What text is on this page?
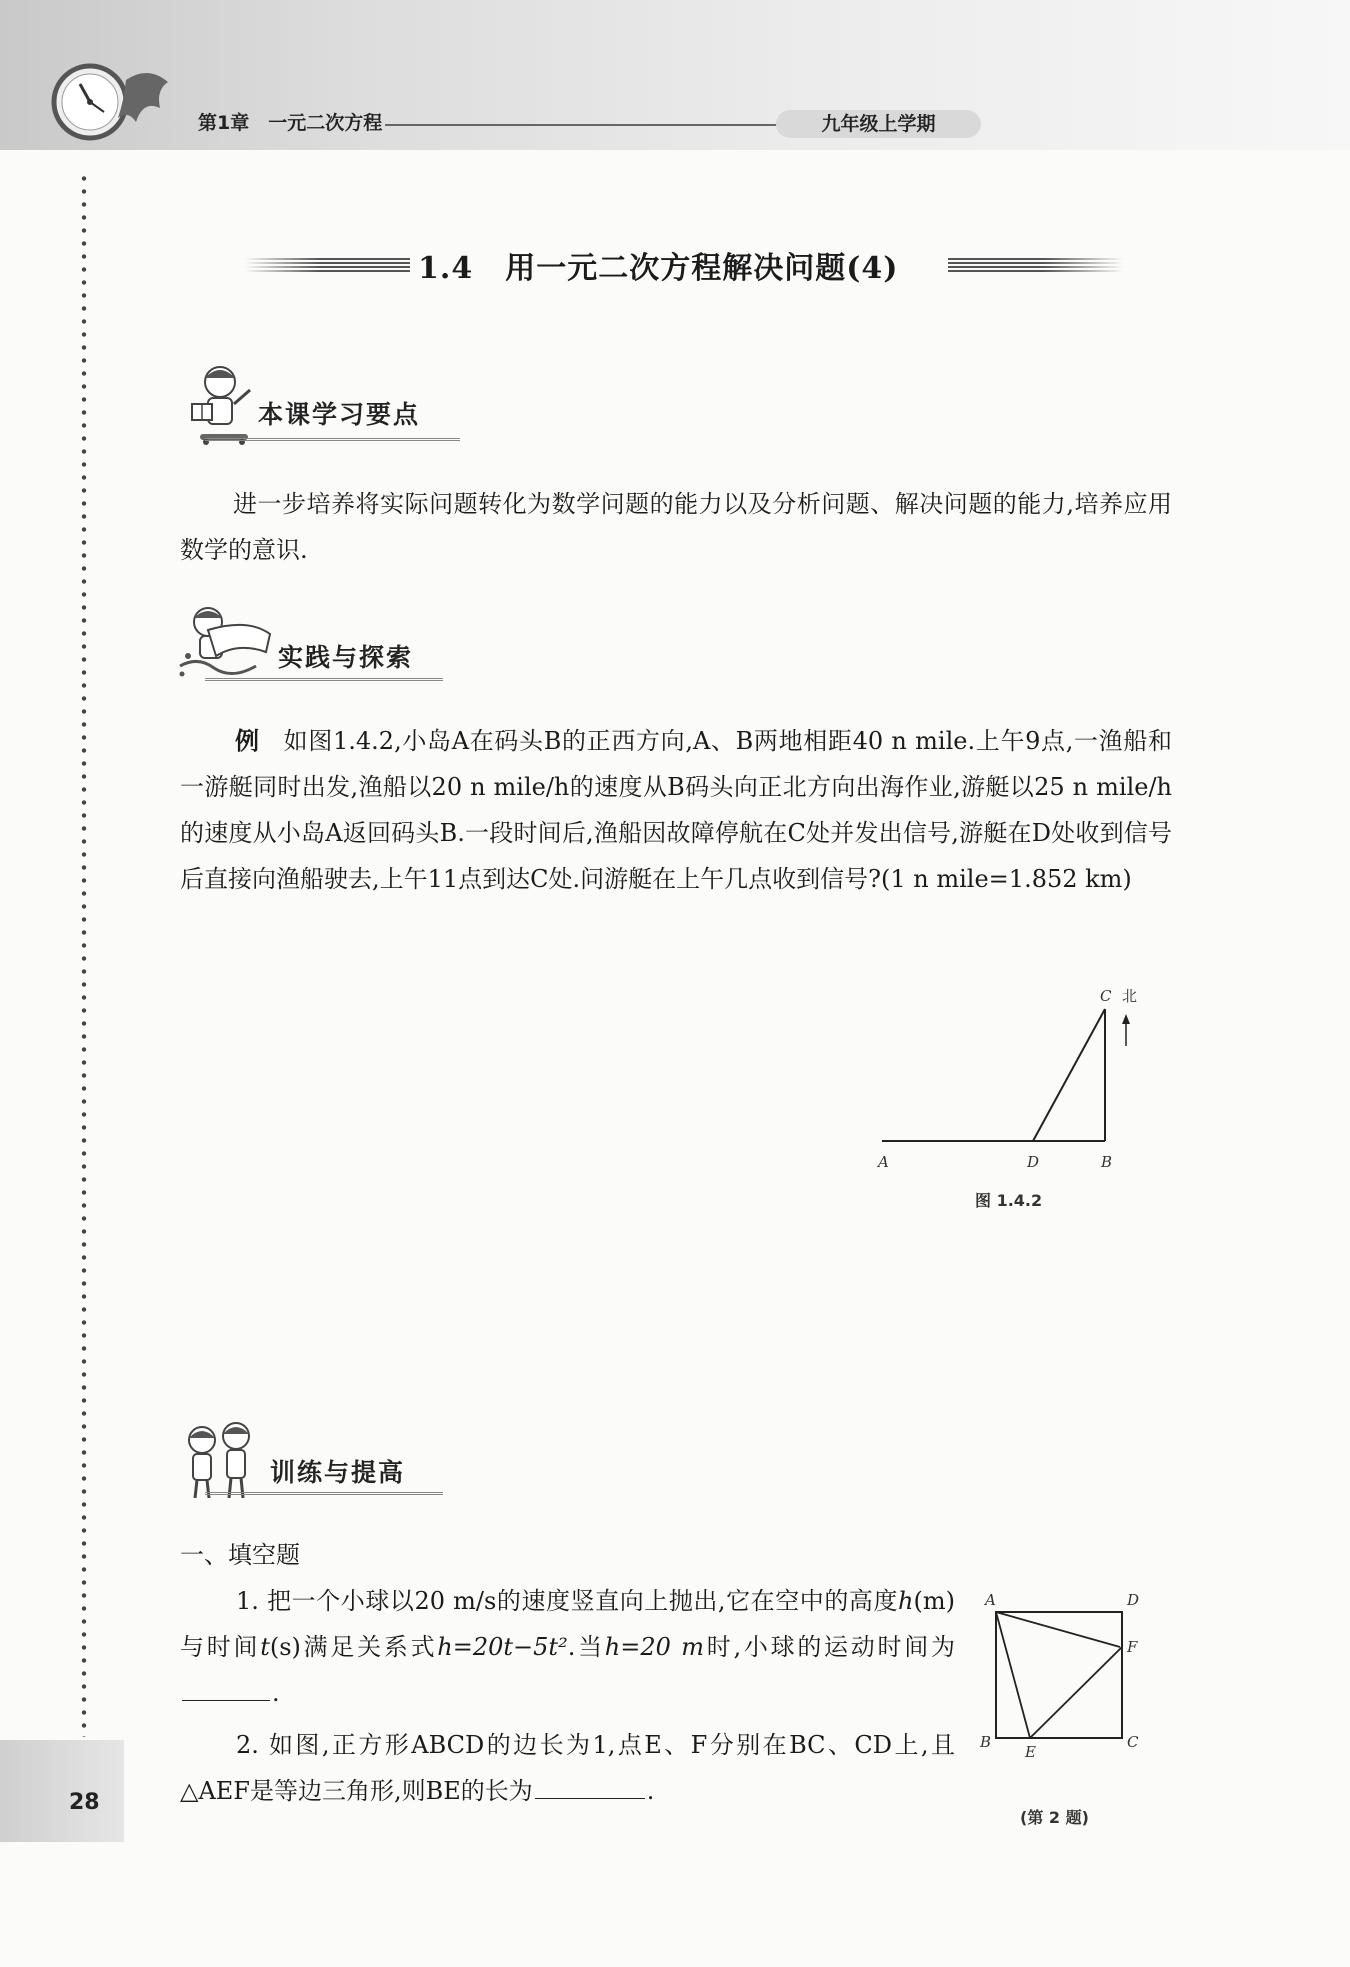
第1章　一元二次方程	九年级上学期
1.4 用一元二次方程解决问题(4)
本课学习要点
进一步培养将实际问题转化为数学问题的能力以及分析问题、解决问题的能力,培养应用数学的意识.
实践与探索
例 如图1.4.2,小岛A在码头B的正西方向,A、B两地相距40 n mile.上午9点,一渔船和一游艇同时出发,渔船以20 n mile/h的速度从B码头向正北方向出海作业,游艇以25 n mile/h的速度从小岛A返回码头B.一段时间后,渔船因故障停航在C处并发出信号,游艇在D处收到信号后直接向渔船驶去,上午11点到达C处.问游艇在上午几点收到信号?(1 n mile=1.852 km)
C 北
A	D	B
图 1.4.2
训练与提高
一、填空题
1. 把一个小球以20 m/s的速度竖直向上抛出,它在空中的高度h(m)与时间t(s)满足关系式h=20t−5t².当h=20 m时,小球的运动时间为.
2. 如图,正方形ABCD的边长为1,点E、F分别在BC、CD上,且△AEF是等边三角形,则BE的长为	.
A	D
F
B
E
C
(第 2 题)
28
